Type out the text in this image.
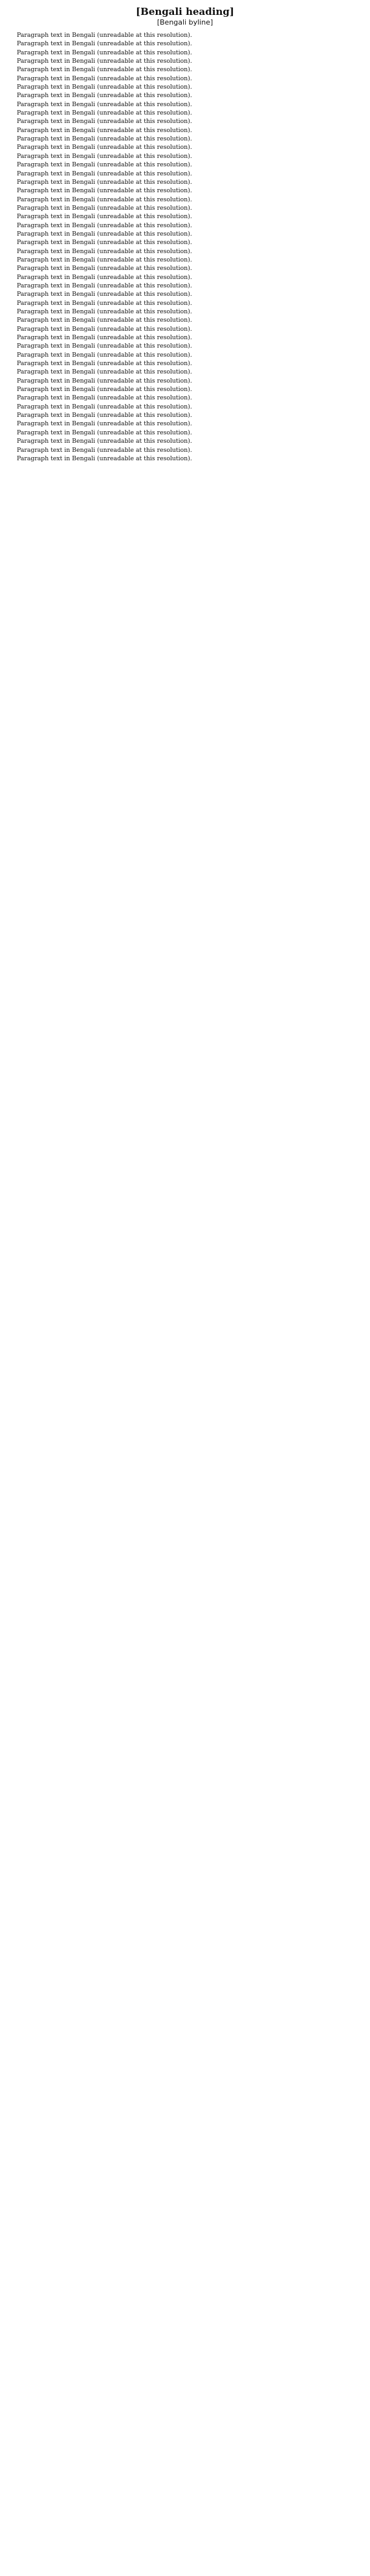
[Bengali heading]
[Bengali byline]

Paragraph text in Bengali (unreadable at this resolution).

Paragraph text in Bengali (unreadable at this resolution).

Paragraph text in Bengali (unreadable at this resolution).

Paragraph text in Bengali (unreadable at this resolution).

Paragraph text in Bengali (unreadable at this resolution).

Paragraph text in Bengali (unreadable at this resolution).

Paragraph text in Bengali (unreadable at this resolution).

Paragraph text in Bengali (unreadable at this resolution).

Paragraph text in Bengali (unreadable at this resolution).

Paragraph text in Bengali (unreadable at this resolution).

Paragraph text in Bengali (unreadable at this resolution).

Paragraph text in Bengali (unreadable at this resolution).

Paragraph text in Bengali (unreadable at this resolution).

Paragraph text in Bengali (unreadable at this resolution).

Paragraph text in Bengali (unreadable at this resolution).

Paragraph text in Bengali (unreadable at this resolution).

Paragraph text in Bengali (unreadable at this resolution).

Paragraph text in Bengali (unreadable at this resolution).

Paragraph text in Bengali (unreadable at this resolution).

Paragraph text in Bengali (unreadable at this resolution).

Paragraph text in Bengali (unreadable at this resolution).

Paragraph text in Bengali (unreadable at this resolution).

Paragraph text in Bengali (unreadable at this resolution).

Paragraph text in Bengali (unreadable at this resolution).

Paragraph text in Bengali (unreadable at this resolution).

Paragraph text in Bengali (unreadable at this resolution).

Paragraph text in Bengali (unreadable at this resolution).

Paragraph text in Bengali (unreadable at this resolution).

Paragraph text in Bengali (unreadable at this resolution).

Paragraph text in Bengali (unreadable at this resolution).

Paragraph text in Bengali (unreadable at this resolution).

Paragraph text in Bengali (unreadable at this resolution).

Paragraph text in Bengali (unreadable at this resolution).

Paragraph text in Bengali (unreadable at this resolution).

Paragraph text in Bengali (unreadable at this resolution).

Paragraph text in Bengali (unreadable at this resolution).

Paragraph text in Bengali (unreadable at this resolution).

Paragraph text in Bengali (unreadable at this resolution).

Paragraph text in Bengali (unreadable at this resolution).

Paragraph text in Bengali (unreadable at this resolution).

Paragraph text in Bengali (unreadable at this resolution).

Paragraph text in Bengali (unreadable at this resolution).

Paragraph text in Bengali (unreadable at this resolution).

Paragraph text in Bengali (unreadable at this resolution).

Paragraph text in Bengali (unreadable at this resolution).

Paragraph text in Bengali (unreadable at this resolution).

Paragraph text in Bengali (unreadable at this resolution).

Paragraph text in Bengali (unreadable at this resolution).

Paragraph text in Bengali (unreadable at this resolution).

Paragraph text in Bengali (unreadable at this resolution).
